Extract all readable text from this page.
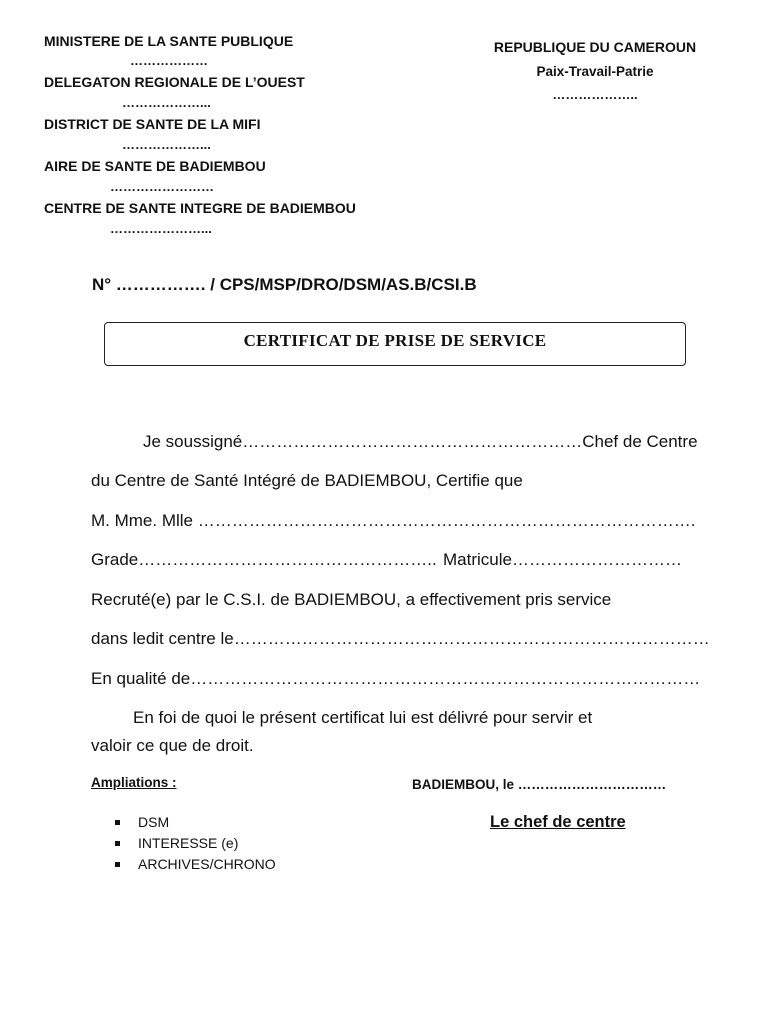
MINISTERE DE LA SANTE PUBLIQUE
………………
DELEGATON REGIONALE DE L’OUEST
………………...
DISTRICT DE SANTE DE LA MIFI
………………...
AIRE DE SANTE DE BADIEMBOU
……………………
CENTRE DE SANTE INTEGRE DE BADIEMBOU
…………………...
REPUBLIQUE DU CAMEROUN
Paix-Travail-Patrie
………………..
N° ……………. / CPS/MSP/DRO/DSM/AS.B/CSI.B
CERTIFICAT DE PRISE DE SERVICE
Je soussigné……………………………………………………Chef de Centre
du Centre de Santé Intégré de BADIEMBOU, Certifie que
M. Mme. Mlle …………………………………………………………………………….
Grade…………………………………………….. Matricule…………………………
Recruté(e) par le C.S.I. de BADIEMBOU, a effectivement pris service
dans ledit centre le…………………………………………………………………………
En qualité de………………………………………………………………………………
En foi de quoi le présent certificat lui est délivré pour servir et
valoir ce que de droit.
Ampliations :
DSM
INTERESSE (e)
ARCHIVES/CHRONO
BADIEMBOU, le ……………………………
Le chef de centre
